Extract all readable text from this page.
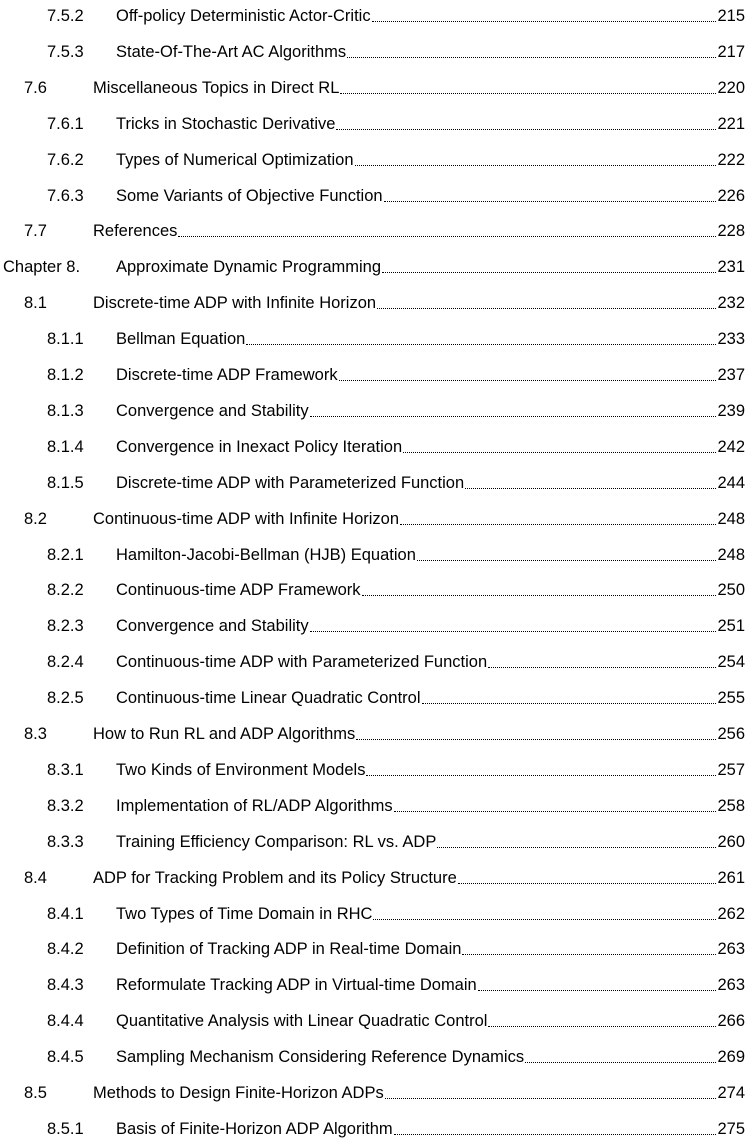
7.5.2	Off-policy Deterministic Actor-Critic	215
7.5.3	State-Of-The-Art AC Algorithms	217
7.6	Miscellaneous Topics in Direct RL	220
7.6.1	Tricks in Stochastic Derivative	221
7.6.2	Types of Numerical Optimization	222
7.6.3	Some Variants of Objective Function	226
7.7	References	228
Chapter 8.	Approximate Dynamic Programming	231
8.1	Discrete-time ADP with Infinite Horizon	232
8.1.1	Bellman Equation	233
8.1.2	Discrete-time ADP Framework	237
8.1.3	Convergence and Stability	239
8.1.4	Convergence in Inexact Policy Iteration	242
8.1.5	Discrete-time ADP with Parameterized Function	244
8.2	Continuous-time ADP with Infinite Horizon	248
8.2.1	Hamilton-Jacobi-Bellman (HJB) Equation	248
8.2.2	Continuous-time ADP Framework	250
8.2.3	Convergence and Stability	251
8.2.4	Continuous-time ADP with Parameterized Function	254
8.2.5	Continuous-time Linear Quadratic Control	255
8.3	How to Run RL and ADP Algorithms	256
8.3.1	Two Kinds of Environment Models	257
8.3.2	Implementation of RL/ADP Algorithms	258
8.3.3	Training Efficiency Comparison: RL vs. ADP	260
8.4	ADP for Tracking Problem and its Policy Structure	261
8.4.1	Two Types of Time Domain in RHC	262
8.4.2	Definition of Tracking ADP in Real-time Domain	263
8.4.3	Reformulate Tracking ADP in Virtual-time Domain	263
8.4.4	Quantitative Analysis with Linear Quadratic Control	266
8.4.5	Sampling Mechanism Considering Reference Dynamics	269
8.5	Methods to Design Finite-Horizon ADPs	274
8.5.1	Basis of Finite-Horizon ADP Algorithm	275
